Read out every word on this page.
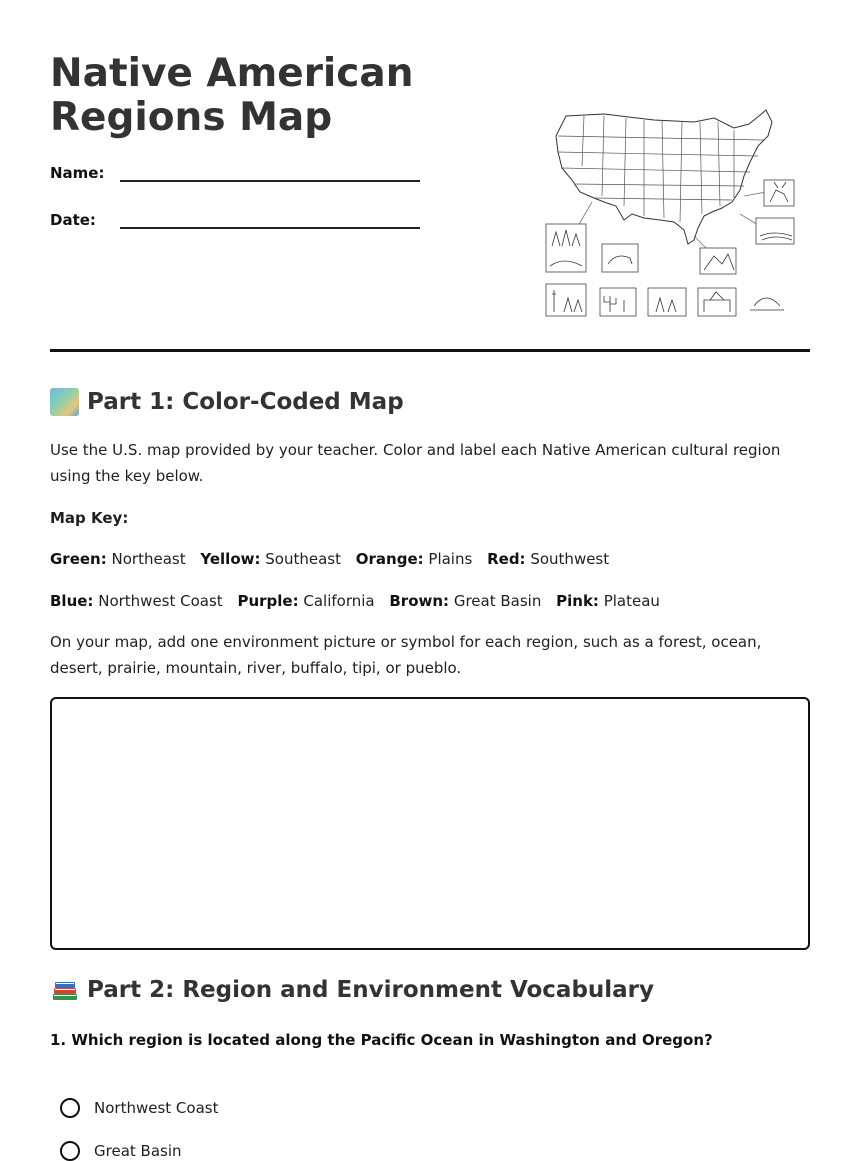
Native American
Regions Map
Name:
Date:
Part 1: Color-Coded Map

Use the U.S. map provided by your teacher. Color and label each Native American cultural region using the key below.

Map Key:

Green: Northeast Yellow: Southeast Orange: Plains Red: Southwest
Blue: Northwest Coast Purple: California Brown: Great Basin Pink: Plateau

On your map, add one environment picture or symbol for each region, such as a forest, ocean, desert, prairie, mountain, river, buffalo, tipi, or pueblo.

Part 2: Region and Environment Vocabulary
1. Which region is located along the Pacific Ocean in Washington and Oregon?
Northwest Coast
Great Basin
